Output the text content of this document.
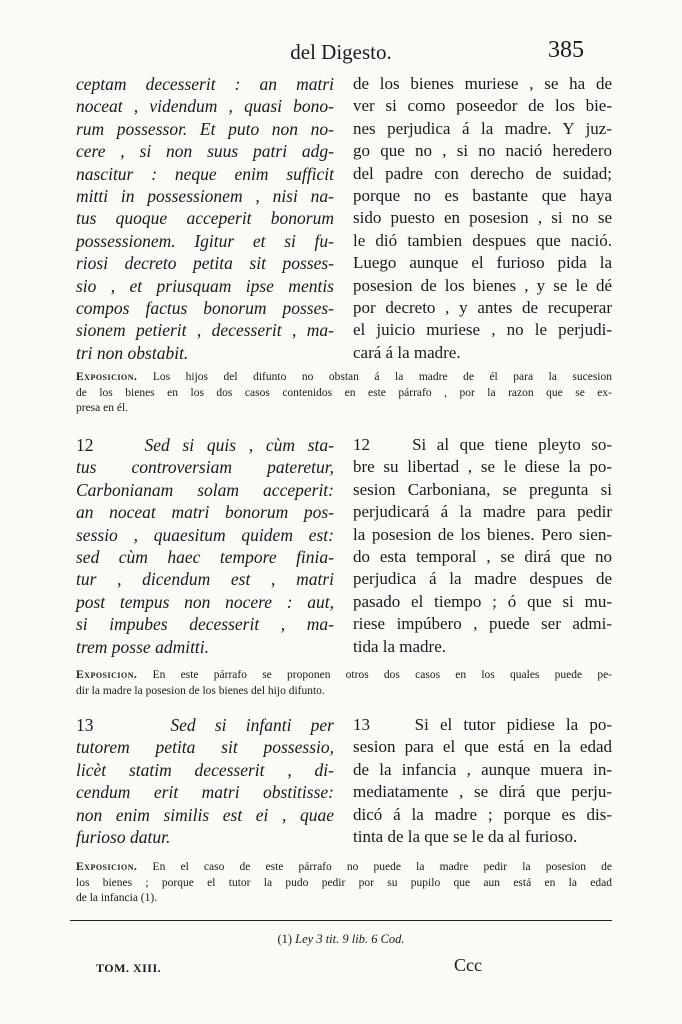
del Digesto.	385
ceptam decesserit : an matri
noceat , videndum , quasi bono-
rum possessor. Et puto non no-
cere , si non suus patri adg-
nascitur : neque enim sufficit
mitti in possessionem , nisi na-
tus quoque acceperit bonorum
possessionem. Igitur et si fu-
riosi decreto petita sit posses-
sio , et priusquam ipse mentis
compos factus bonorum posses-
sionem petierit , decesserit , ma-
tri non obstabit.
de los bienes muriese , se ha de
ver si como poseedor de los bie-
nes perjudica á la madre. Y juz-
go que no , si no nació heredero
del padre con derecho de suidad;
porque no es bastante que haya
sido puesto en posesion , si no se
le dió tambien despues que nació.
Luego aunque el furioso pida la
posesion de los bienes , y se le dé
por decreto , y antes de recuperar
el juicio muriese , no le perjudi-
cará á la madre.
Exposicion. Los hijos del difunto no obstan á la madre de él para la sucesion
de los bienes en los dos casos contenidos en este párrafo , por la razon que se ex-
presa en él.
12	Sed si quis , cùm sta-
tus controversiam pateretur,
Carbonianam solam acceperit:
an noceat matri bonorum pos-
sessio , quaesitum quidem est:
sed cùm haec tempore finia-
tur , dicendum est , matri
post tempus non nocere : aut,
si impubes decesserit , ma-
trem posse admitti.
12 Si al que tiene pleyto so-
bre su libertad , se le diese la po-
sesion Carboniana, se pregunta si
perjudicará á la madre para pedir
la posesion de los bienes. Pero sien-
do esta temporal , se dirá que no
perjudica á la madre despues de
pasado el tiempo ; ó que si mu-
riese impúbero , puede ser admi-
tida la madre.
Exposicion. En este párrafo se proponen otros dos casos en los quales puede pe-
dir la madre la posesion de los bienes del hijo difunto.
13	Sed si infanti per
tutorem petita sit possessio,
licèt statim decesserit , di-
cendum erit matri obstitisse:
non enim similis est ei , quae
furioso datur.
13	Si el tutor pidiese la po-
sesion para el que está en la edad
de la infancia , aunque muera in-
mediatamente , se dirá que perju-
dicó á la madre ; porque es dis-
tinta de la que se le da al furioso.
Exposicion. En el caso de este párrafo no puede la madre pedir la posesion de
los bienes ; porque el tutor la pudo pedir por su pupilo que aun está en la edad
de la infancia (1).
(1) Ley 3 tit. 9 lib. 6 Cod.
TOM. XIII.	Ccc
